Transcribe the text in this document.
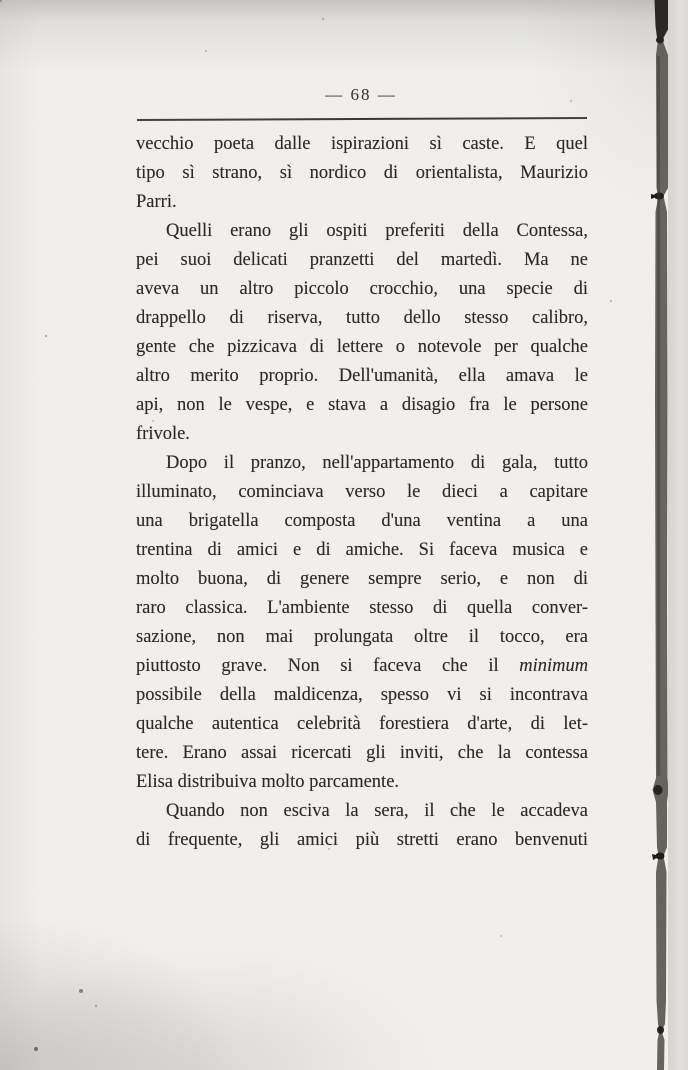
— 68 —
vecchio poeta dalle ispirazioni sì caste. E quel
tipo sì strano, sì nordico di orientalista, Maurizio
Parri.
Quelli erano gli ospiti preferiti della Contessa,
pei suoi delicati pranzetti del martedì. Ma ne
aveva un altro piccolo crocchio, una specie di
drappello di riserva, tutto dello stesso calibro,
gente che pizzicava di lettere o notevole per qualche
altro merito proprio. Dell'umanità, ella amava le
api, non le vespe, e stava a disagio fra le persone
frivole.
Dopo il pranzo, nell'appartamento di gala, tutto
illuminato, cominciava verso le dieci a capitare
una brigatella composta d'una ventina a una
trentina di amici e di amiche. Si faceva musica e
molto buona, di genere sempre serio, e non di
raro classica. L'ambiente stesso di quella conver-
sazione, non mai prolungata oltre il tocco, era
piuttosto grave. Non si faceva che il minimum
possibile della maldicenza, spesso vi si incontrava
qualche autentica celebrità forestiera d'arte, di let-
tere. Erano assai ricercati gli inviti, che la contessa
Elisa distribuiva molto parcamente.
Quando non esciva la sera, il che le accadeva
di frequente, gli amici più stretti erano benvenuti
